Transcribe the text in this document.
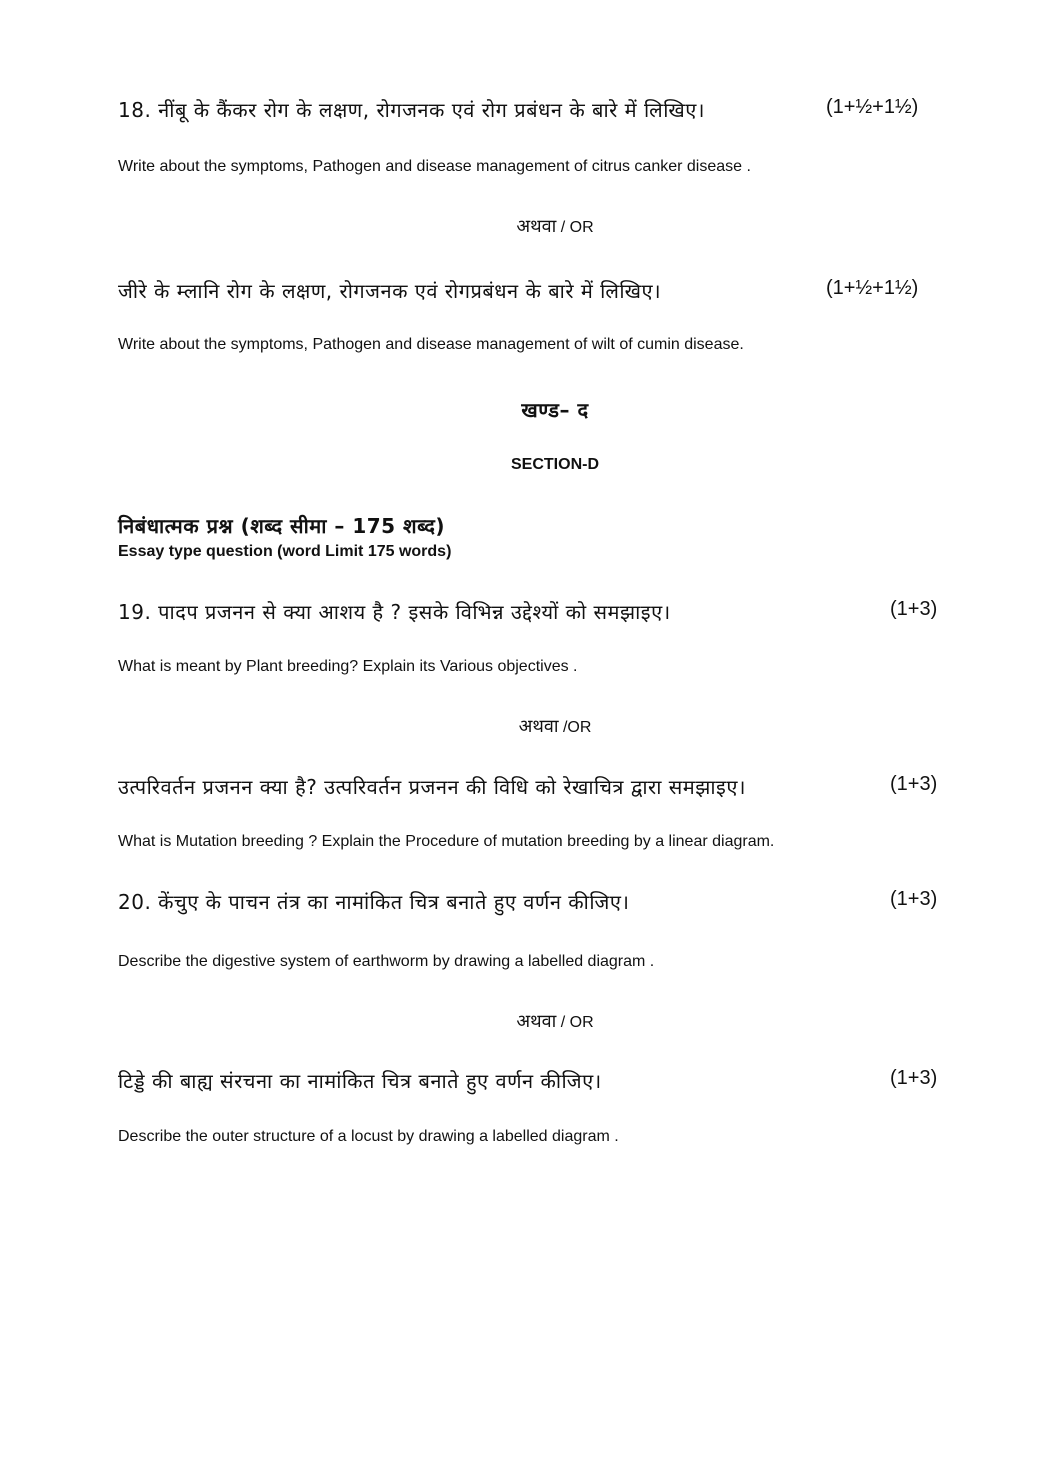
18. नींबू के कैंकर रोग के लक्षण, रोगजनक एवं रोग प्रबंधन के बारे में लिखिए।	(1+½+1½)
Write about the symptoms, Pathogen and disease management of citrus canker disease .
अथवा / OR
जीरे के म्लानि रोग के लक्षण, रोगजनक एवं रोगप्रबंधन के बारे में लिखिए।	(1+½+1½)
Write about the symptoms, Pathogen and disease management of wilt of cumin disease.
खण्ड– द
SECTION-D
निबंधात्मक प्रश्न (शब्द सीमा – 175 शब्द)
Essay type question (word Limit 175 words)
19. पादप प्रजनन से क्या आशय है ? इसके विभिन्न उद्देश्यों को समझाइए।	(1+3)
What is meant by Plant breeding? Explain its Various objectives .
अथवा /OR
उत्परिवर्तन प्रजनन क्या है? उत्परिवर्तन प्रजनन की विधि को रेखाचित्र द्वारा समझाइए।	(1+3)
What is Mutation breeding ? Explain the Procedure of mutation breeding by a linear diagram.
20. केंचुए के पाचन तंत्र का नामांकित चित्र बनाते हुए वर्णन कीजिए।	(1+3)
Describe the digestive system of earthworm by drawing a labelled diagram .
अथवा / OR
टिड्डे की बाह्य संरचना का नामांकित चित्र बनाते हुए वर्णन कीजिए।	(1+3)
Describe the outer structure of a locust by drawing a labelled diagram .
